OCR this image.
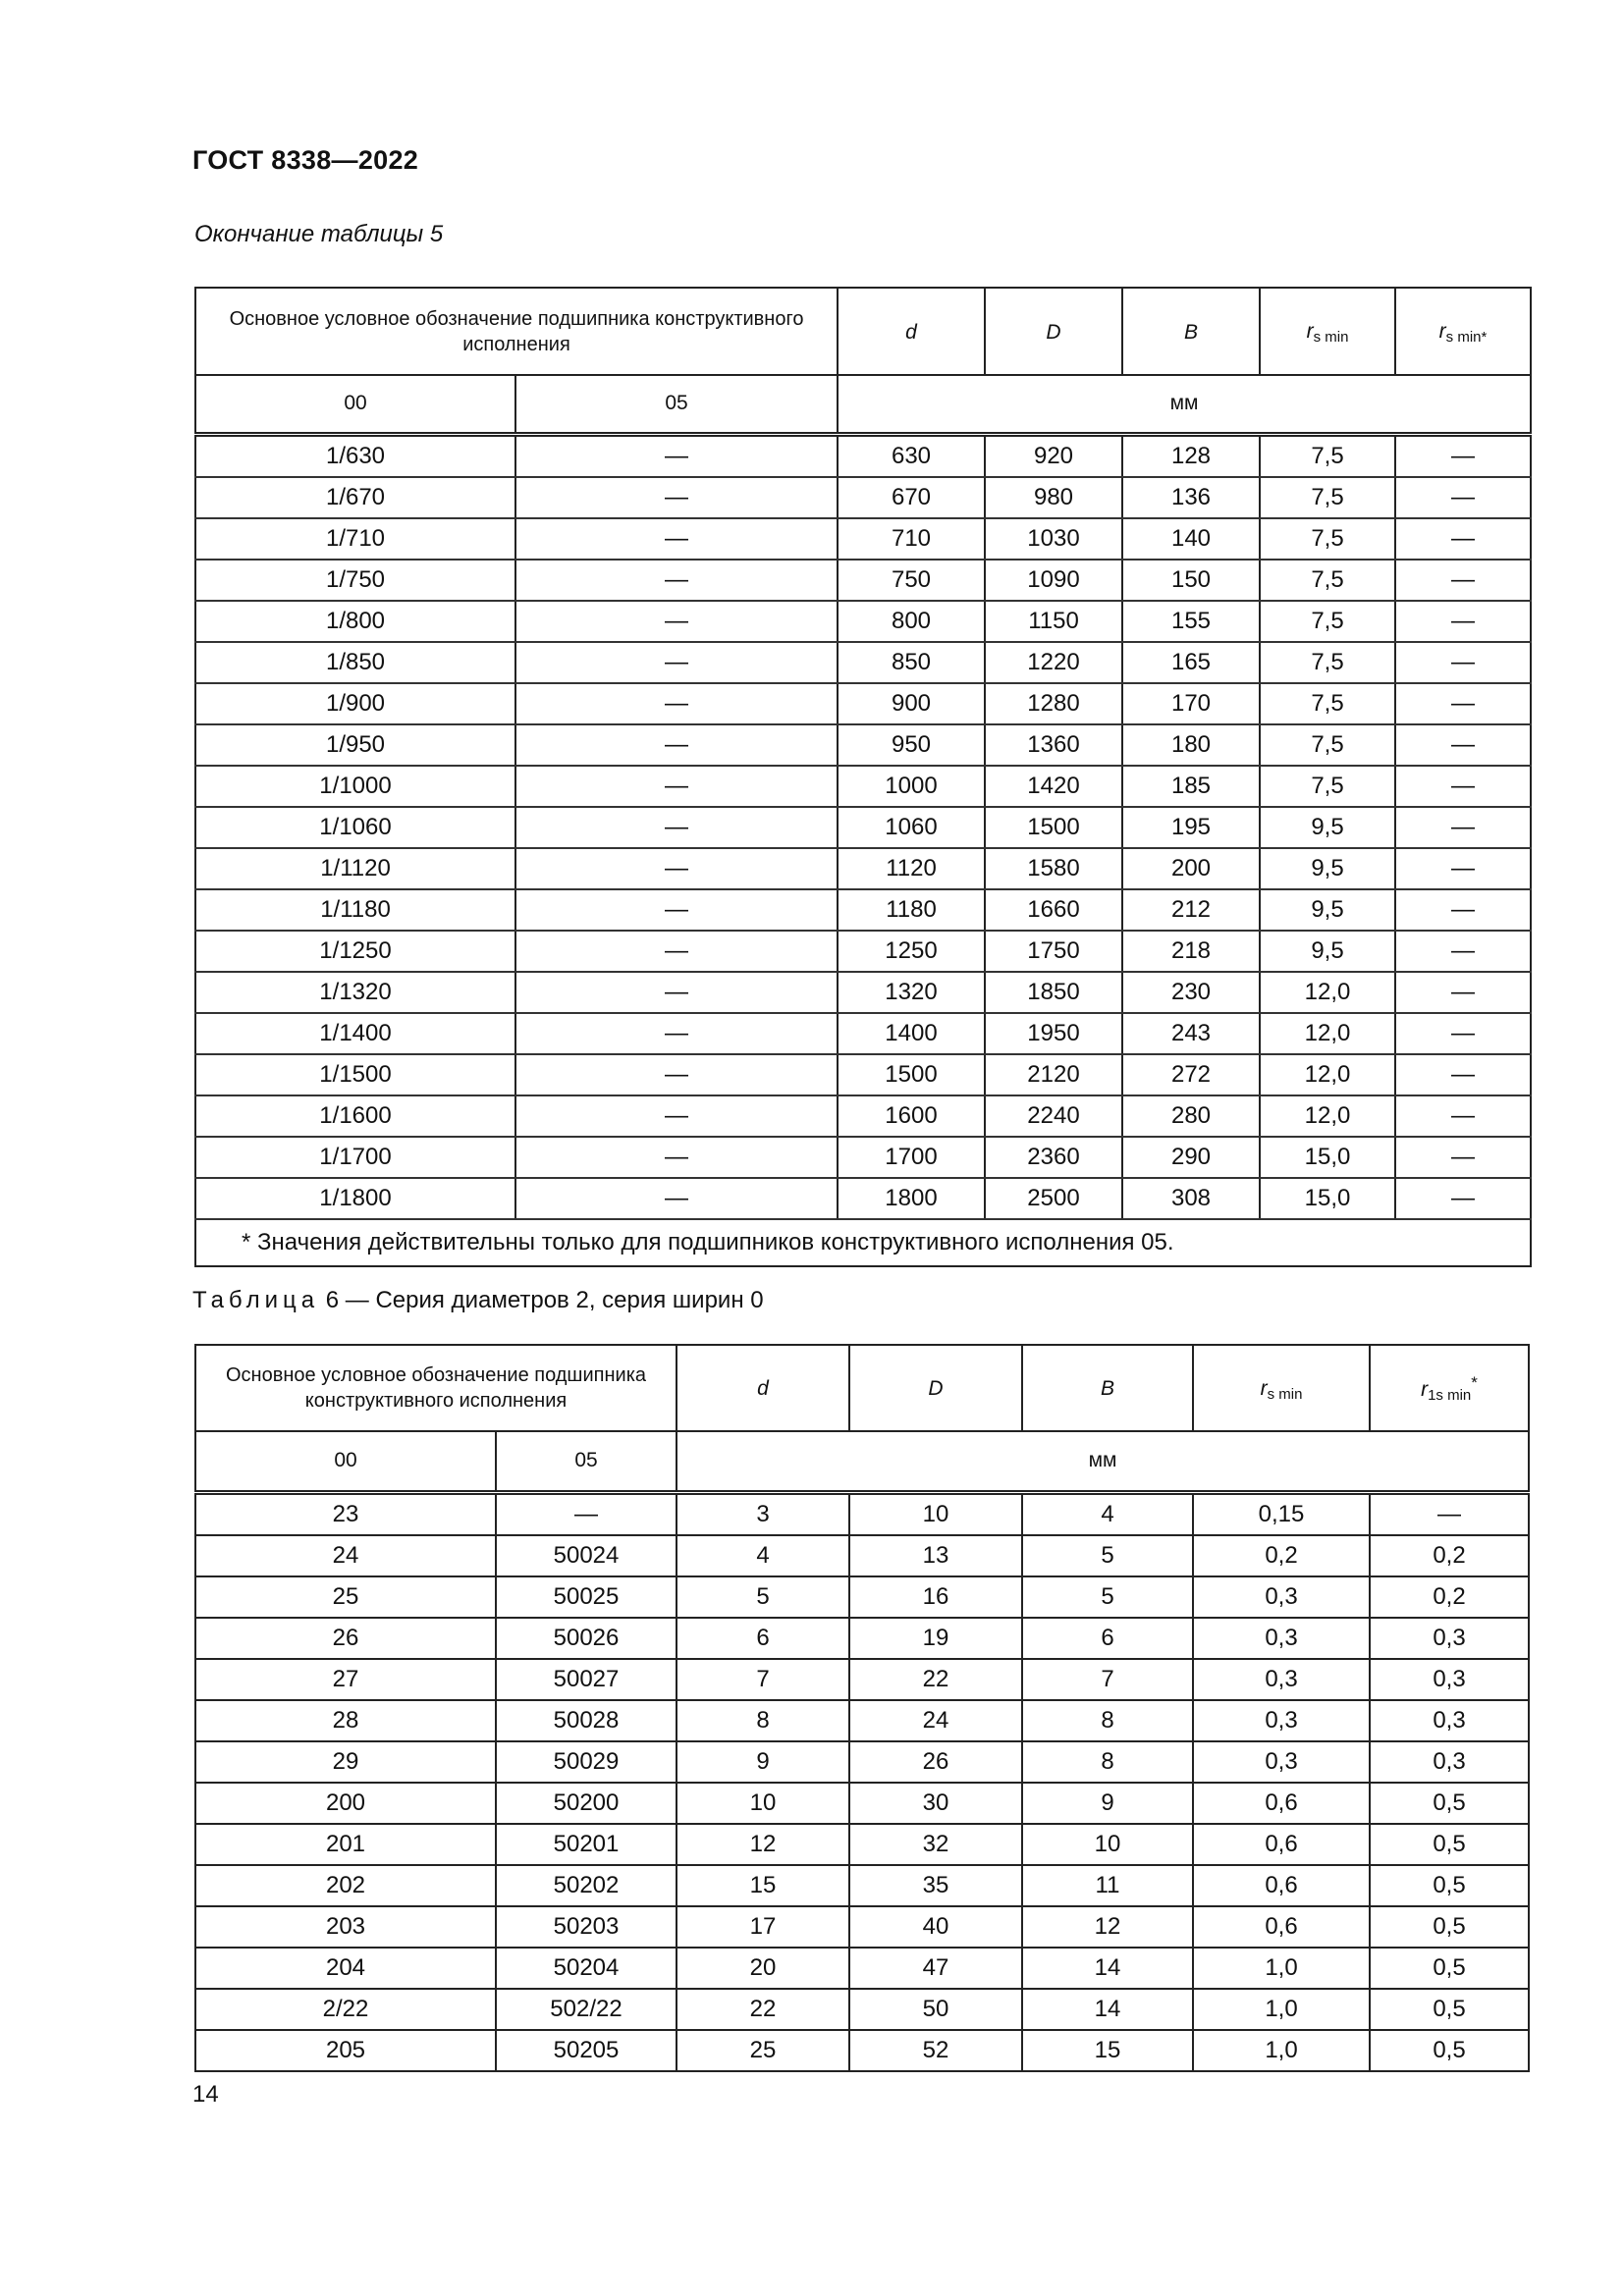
ГОСТ 8338—2022
Окончание таблицы 5
Основное условное обозначение подшипника конструктивного исполнения		d	D	B	$r_{s min}$	$r_{s min*}$
00	05	мм				
1/630	—	630	920	128	7,5	—
1/670	—	670	980	136	7,5	—
1/710	—	710	1030	140	7,5	—
1/750	—	750	1090	150	7,5	—
1/800	—	800	1150	155	7,5	—
1/850	—	850	1220	165	7,5	—
1/900	—	900	1280	170	7,5	—
1/950	—	950	1360	180	7,5	—
1/1000	—	1000	1420	185	7,5	—
1/1060	—	1060	1500	195	9,5	—
1/1120	—	1120	1580	200	9,5	—
1/1180	—	1180	1660	212	9,5	—
1/1250	—	1250	1750	218	9,5	—
1/1320	—	1320	1850	230	12,0	—
1/1400	—	1400	1950	243	12,0	—
1/1500	—	1500	2120	272	12,0	—
1/1600	—	1600	2240	280	12,0	—
1/1700	—	1700	2360	290	15,0	—
1/1800	—	1800	2500	308	15,0	—
* Значения действительны только для подшипников конструктивного исполнения 05.						
Таблица 6 — Серия диаметров 2, серия ширин 0
Основное условное обозначение подшипника конструктивного исполнения		d	D	B	$r_{s min}$	$r_{1s min}^*$
00	05	мм				
23	—	3	10	4	0,15	—
24	50024	4	13	5	0,2	0,2
25	50025	5	16	5	0,3	0,2
26	50026	6	19	6	0,3	0,3
27	50027	7	22	7	0,3	0,3
28	50028	8	24	8	0,3	0,3
29	50029	9	26	8	0,3	0,3
200	50200	10	30	9	0,6	0,5
201	50201	12	32	10	0,6	0,5
202	50202	15	35	11	0,6	0,5
203	50203	17	40	12	0,6	0,5
204	50204	20	47	14	1,0	0,5
2/22	502/22	22	50	14	1,0	0,5
205	50205	25	52	15	1,0	0,5
14
